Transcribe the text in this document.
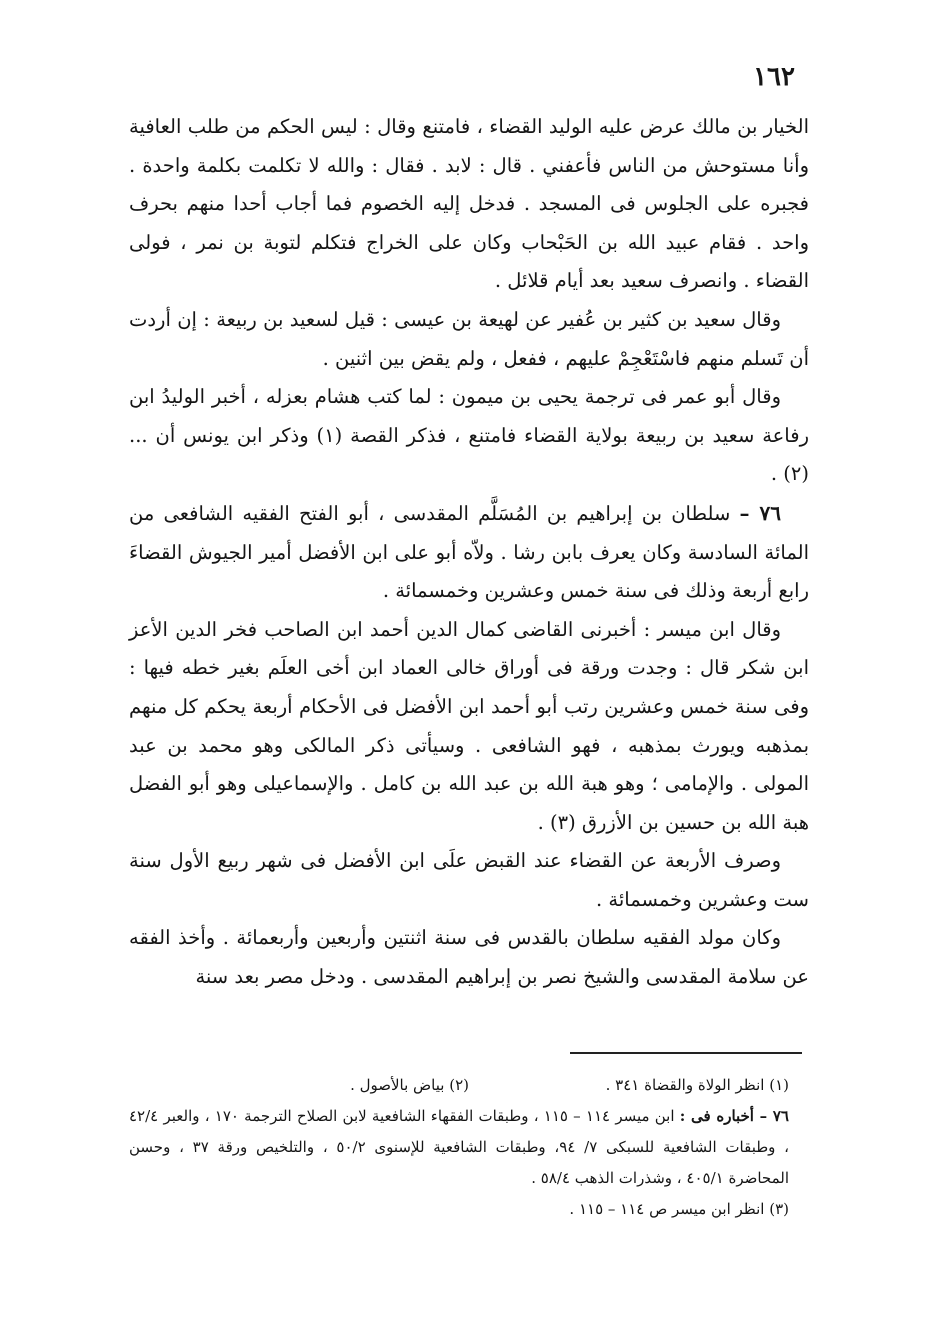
١٦٢

الخيار بن مالك عرض عليه الوليد القضاء ، فامتنع وقال : ليس الحكم من طلب العافية وأنا مستوحش من الناس فأعفني . قال : لابد . فقال : والله لا تكلمت بكلمة واحدة . فجبره على الجلوس فى المسجد . فدخل إليه الخصوم فما أجاب أحدا منهم بحرف واحد . فقام عبيد الله بن الحَبْحاب وكان على الخراج فتكلم لتوبة بن نمر ، فولى القضاء . وانصرف سعيد بعد أيام قلائل .

وقال سعيد بن كثير بن عُفير عن لهيعة بن عيسى : قيل لسعيد بن ربيعة : إن أردت أن تَسلم منهم فاسْتَعْجِمْ عليهم ، ففعل ، ولم يقض بين اثنين .

وقال أبو عمر فى ترجمة يحيى بن ميمون : لما كتب هشام بعزله ، أخبر الوليدُ ابن رفاعة سعيد بن ربيعة بولاية القضاء فامتنع ، فذكر القصة (١) وذكر ابن يونس أن ... (٢) .

٧٦ – سلطان بن إبراهيم بن المُسَلَّم المقدسى ، أبو الفتح الفقيه الشافعى من المائة السادسة وكان يعرف بابن رشا . ولاّه أبو على ابن الأفضل أمير الجيوش القضاءَ رابع أربعة وذلك فى سنة خمس وعشرين وخمسمائة .

وقال ابن ميسر : أخبرنى القاضى كمال الدين أحمد ابن الصاحب فخر الدين الأعز ابن شكر قال : وجدت ورقة فى أوراق خالى العماد ابن أخى العلَم بغير خطه فيها : وفى سنة خمس وعشرين رتب أبو أحمد ابن الأفضل فى الأحكام أربعة يحكم كل منهم بمذهبه ويورث بمذهبه ، فهو الشافعى . وسيأتى ذكر المالكى وهو محمد بن عبد المولى . والإمامى ؛ وهو هبة الله بن عبد الله بن كامل . والإسماعيلى وهو أبو الفضل هبة الله بن حسين بن الأزرق (٣) .

وصرف الأربعة عن القضاء عند القبض علَى ابن الأفضل فى شهر ربيع الأول سنة ست وعشرين وخمسمائة .

وكان مولد الفقيه سلطان بالقدس فى سنة اثنتين وأربعين وأربعمائة . وأخذ الفقه عن سلامة المقدسى والشيخ نصر بن إبراهيم المقدسى . ودخل مصر بعد سنة

(١) انظر الولاة والقضاة ٣٤١ .
(٢) بياض بالأصول .

٧٦ – أخباره فى : ابن ميسر ١١٤ – ١١٥ ، وطبقات الفقهاء الشافعية لابن الصلاح الترجمة ١٧٠ ، والعبر ٤٢/٤ ، وطبقات الشافعية للسبكى ٧/ ٩٤، وطبقات الشافعية للإسنوى ٥٠/٢ ، والتلخيص ورقة ٣٧ ، وحسن المحاضرة ٤٠٥/١ ، وشذرات الذهب ٥٨/٤ .

(٣) انظر ابن ميسر ص ١١٤ – ١١٥ .
